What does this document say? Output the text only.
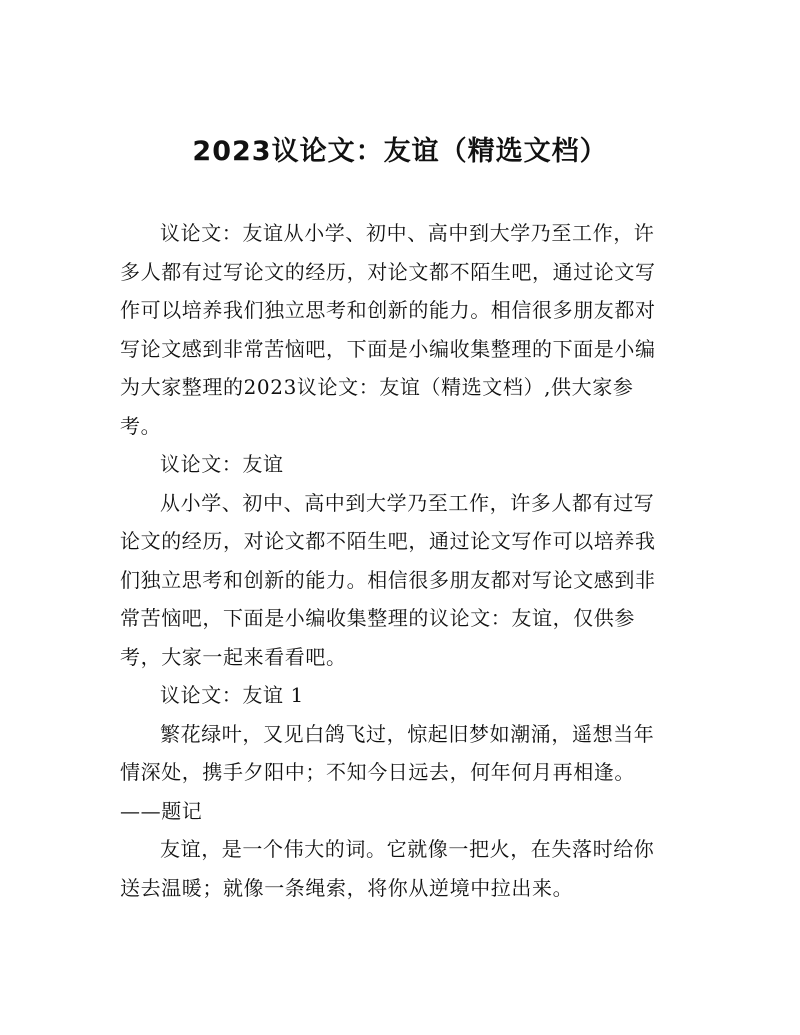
2023议论文：友谊（精选文档）

议论文：友谊从小学、初中、高中到大学乃至工作，许多人都有过写论文的经历，对论文都不陌生吧，通过论文写作可以培养我们独立思考和创新的能力。相信很多朋友都对写论文感到非常苦恼吧，下面是小编收集整理的下面是小编为大家整理的2023议论文：友谊（精选文档）,供大家参考。

议论文：友谊

从小学、初中、高中到大学乃至工作，许多人都有过写论文的经历，对论文都不陌生吧，通过论文写作可以培养我们独立思考和创新的能力。相信很多朋友都对写论文感到非常苦恼吧，下面是小编收集整理的议论文：友谊，仅供参考，大家一起来看看吧。

议论文：友谊 1

繁花绿叶，又见白鸽飞过，惊起旧梦如潮涌，遥想当年情深处，携手夕阳中；不知今日远去，何年何月再相逢。——题记

友谊，是一个伟大的词。它就像一把火，在失落时给你送去温暖；就像一条绳索，将你从逆境中拉出来。
